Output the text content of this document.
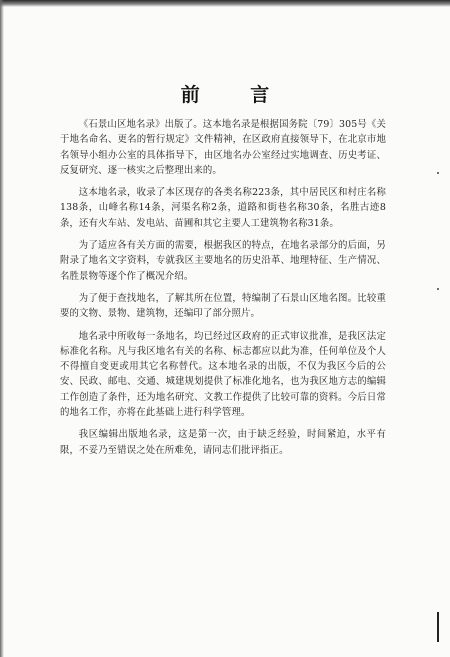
前 言

《石景山区地名录》出版了。这本地名录是根据国务院〔79〕305号《关于地名命名、更名的暂行规定》文件精神，在区政府直接领导下，在北京市地名领导小组办公室的具体指导下，由区地名办公室经过实地调查、历史考证、反复研究、逐一核实之后整理出来的。

这本地名录，收录了本区现存的各类名称223条，其中居民区和村庄名称138条，山峰名称14条，河渠名称2条，道路和街巷名称30条，名胜古迹8条，还有火车站、发电站、苗圃和其它主要人工建筑物名称31条。

为了适应各有关方面的需要，根据我区的特点，在地名录部分的后面，另附录了地名文字资料，专就我区主要地名的历史沿革、地理特征、生产情况、名胜景物等逐个作了概况介绍。

为了便于查找地名，了解其所在位置，特编制了石景山区地名图。比较重要的文物、景物、建筑物，还编印了部分照片。

地名录中所收每一条地名，均已经过区政府的正式审议批准，是我区法定标准化名称。凡与我区地名有关的名称、标志都应以此为准，任何单位及个人不得擅自变更或用其它名称替代。这本地名录的出版，不仅为我区今后的公安、民政、邮电、交通、城建规划提供了标准化地名，也为我区地方志的编辑工作创造了条件，还为地名研究、文教工作提供了比较可靠的资料。今后日常的地名工作，亦将在此基础上进行科学管理。

我区编辑出版地名录，这是第一次，由于缺乏经验，时间紧迫，水平有限，不妥乃至错误之处在所难免，请同志们批评指正。
